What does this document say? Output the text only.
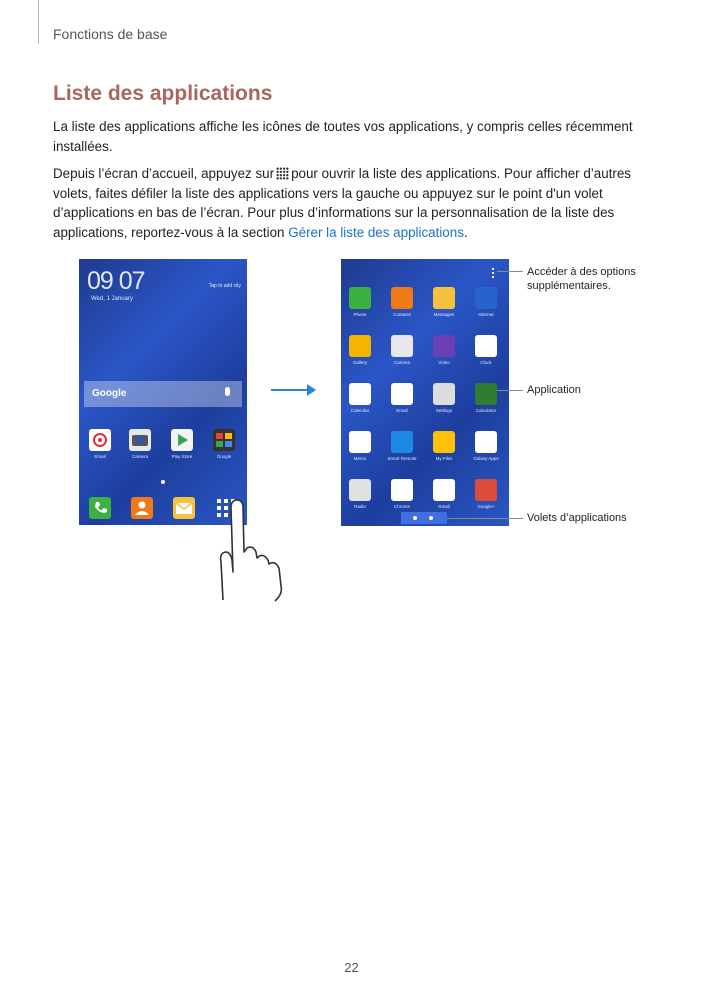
Fonctions de base
Liste des applications

La liste des applications affiche les icônes de toutes vos applications, y compris celles récemment installées.

Depuis l’écran d’accueil, appuyez sur pour ouvrir la liste des applications. Pour afficher d’autres volets, faites défiler la liste des applications vers la gauche ou appuyez sur le point d'un volet d’applications en bas de l’écran. Pour plus d’informations sur la personnalisation de la liste des applications, reportez-vous à la section Gérer la liste des applications.

09 07
Wed, 1 January
Tap to add city
Google
Email	Camera	Play Store	Google
Phone	Contacts	Messages	Internet
Gallery	Camera	Video	Clock
Calendar	Email	Settings	Calculator
Memo	Smart Remote	My Files	Galaxy Apps
Radio	Chrome	Gmail	Google+
Accéder à des options supplémentaires.
Application
Volets d’applications
22
